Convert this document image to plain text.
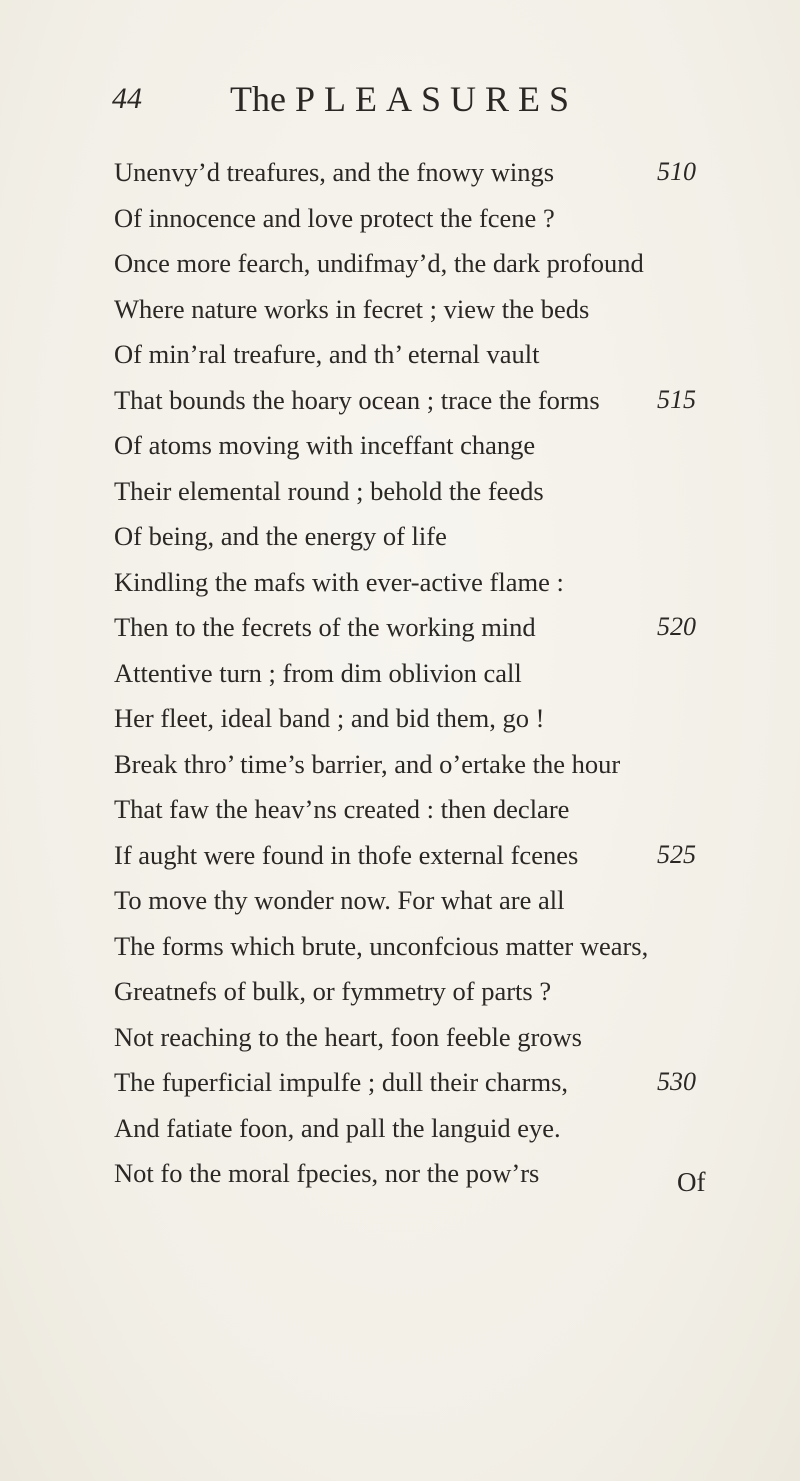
44 The PLEASURES
Unenvy’d treafures, and the fnowy wings	510
Of innocence and love protect the fcene ?
Once more fearch, undifmay’d, the dark profound
Where nature works in fecret ; view the beds
Of min’ral treafure, and th’ eternal vault
That bounds the hoary ocean ; trace the forms 515
Of atoms moving with inceffant change
Their elemental round ; behold the feeds
Of being, and the energy of life
Kindling the mafs with ever-active flame :
Then to the fecrets of the working mind	520
Attentive turn ; from dim oblivion call
Her fleet, ideal band ; and bid them, go !
Break thro’ time’s barrier, and o’ertake the hour
That faw the heav’ns created : then declare
If aught were found in thofe external fcenes	525
To move thy wonder now. For what are all
The forms which brute, unconfcious matter wears,
Greatnefs of bulk, or fymmetry of parts ?
Not reaching to the heart, foon feeble grows
The fuperficial impulfe ; dull their charms,	530
And fatiate foon, and pall the languid eye.
Not fo the moral fpecies, nor the pow’rs	Of
